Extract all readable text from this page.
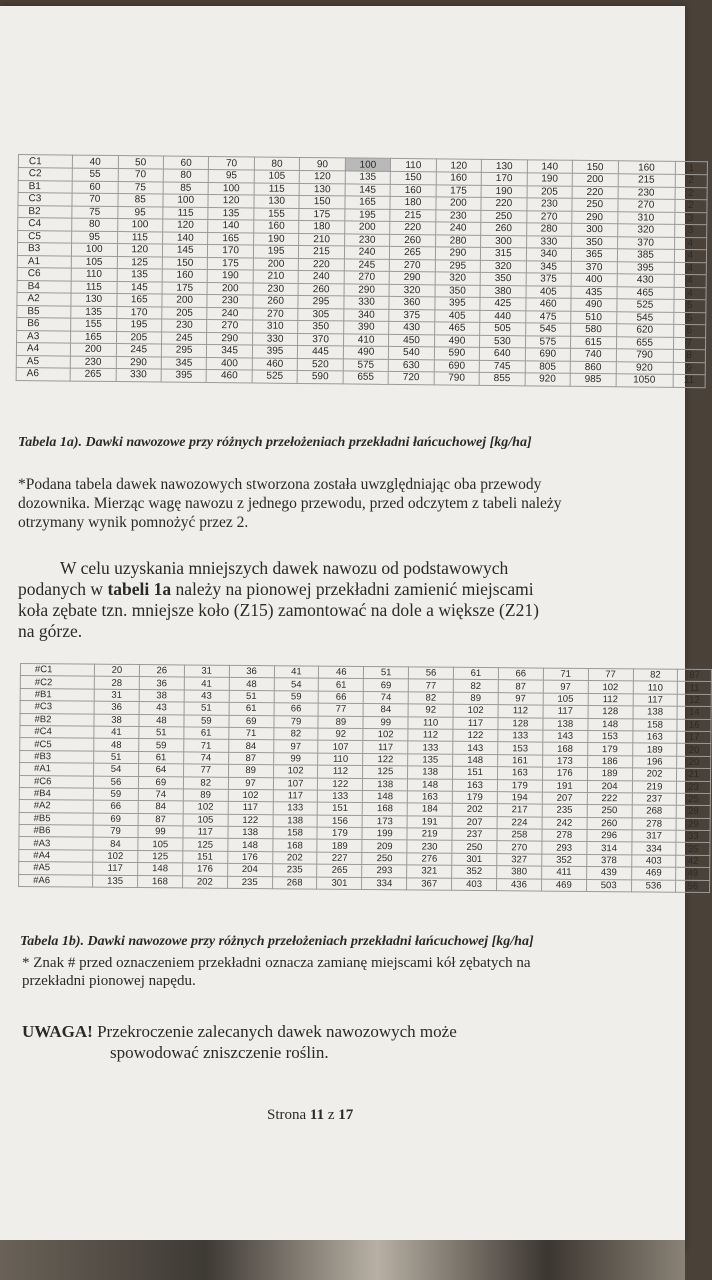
C1	40	50	60	70	80	90	100	110	120	130	140	150	160	1
C2	55	70	80	95	105	120	135	150	160	170	190	200	215	2
B1	60	75	85	100	115	130	145	160	175	190	205	220	230	2
C3	70	85	100	120	130	150	165	180	200	220	230	250	270	2
B2	75	95	115	135	155	175	195	215	230	250	270	290	310	3
C4	80	100	120	140	160	180	200	220	240	260	280	300	320	3
C5	95	115	140	165	190	210	230	260	280	300	330	350	370	4
B3	100	120	145	170	195	215	240	265	290	315	340	365	385	4
A1	105	125	150	175	200	220	245	270	295	320	345	370	395	4
C6	110	135	160	190	210	240	270	290	320	350	375	400	430	4
B4	115	145	175	200	230	260	290	320	350	380	405	435	465	4
A2	130	165	200	230	260	295	330	360	395	425	460	490	525	5
B5	135	170	205	240	270	305	340	375	405	440	475	510	545	5
B6	155	195	230	270	310	350	390	430	465	505	545	580	620	6
A3	165	205	245	290	330	370	410	450	490	530	575	615	655	7
A4	200	245	295	345	395	445	490	540	590	640	690	740	790	8
A5	230	290	345	400	460	520	575	630	690	745	805	860	920	9
A6	265	330	395	460	525	590	655	720	790	855	920	985	1050	11
Tabela 1a). Dawki nawozowe przy różnych przełożeniach przekładni łańcuchowej [kg/ha]
*Podana tabela dawek nawozowych stworzona została uwzględniając oba przewody
dozownika. Mierząc wagę nawozu z jednego przewodu, przed odczytem z tabeli należy
otrzymany wynik pomnożyć przez 2.
W celu uzyskania mniejszych dawek nawozu od podstawowych
podanych w tabeli 1a należy na pionowej przekładni zamienić miejscami
koła zębate tzn. mniejsze koło (Z15) zamontować na dole a większe (Z21)
na górze.
#C1	20	26	31	36	41	46	51	56	61	66	71	77	82	87
#C2	28	36	41	48	54	61	69	77	82	87	97	102	110	11
#B1	31	38	43	51	59	66	74	82	89	97	105	112	117	12
#C3	36	43	51	61	66	77	84	92	102	112	117	128	138	14
#B2	38	48	59	69	79	89	99	110	117	128	138	148	158	16
#C4	41	51	61	71	82	92	102	112	122	133	143	153	163	17
#C5	48	59	71	84	97	107	117	133	143	153	168	179	189	20
#B3	51	61	74	87	99	110	122	135	148	161	173	186	196	20
#A1	54	64	77	89	102	112	125	138	151	163	176	189	202	21
#C6	56	69	82	97	107	122	138	148	163	179	191	204	219	23
#B4	59	74	89	102	117	133	148	163	179	194	207	222	237	25
#A2	66	84	102	117	133	151	168	184	202	217	235	250	268	28
#B5	69	87	105	122	138	156	173	191	207	224	242	260	278	29
#B6	79	99	117	138	158	179	199	219	237	258	278	296	317	33
#A3	84	105	125	148	168	189	209	230	250	270	293	314	334	35
#A4	102	125	151	176	202	227	250	276	301	327	352	378	403	42
#A5	117	148	176	204	235	265	293	321	352	380	411	439	469	49
#A6	135	168	202	235	268	301	334	367	403	436	469	503	536	56
Tabela 1b). Dawki nawozowe przy różnych przełożeniach przekładni łańcuchowej [kg/ha]
* Znak # przed oznaczeniem przekładni oznacza zamianę miejscami kół zębatych na
przekładni pionowej napędu.
UWAGA! Przekroczenie zalecanych dawek nawozowych może
spowodować zniszczenie roślin.
Strona 11 z 17
